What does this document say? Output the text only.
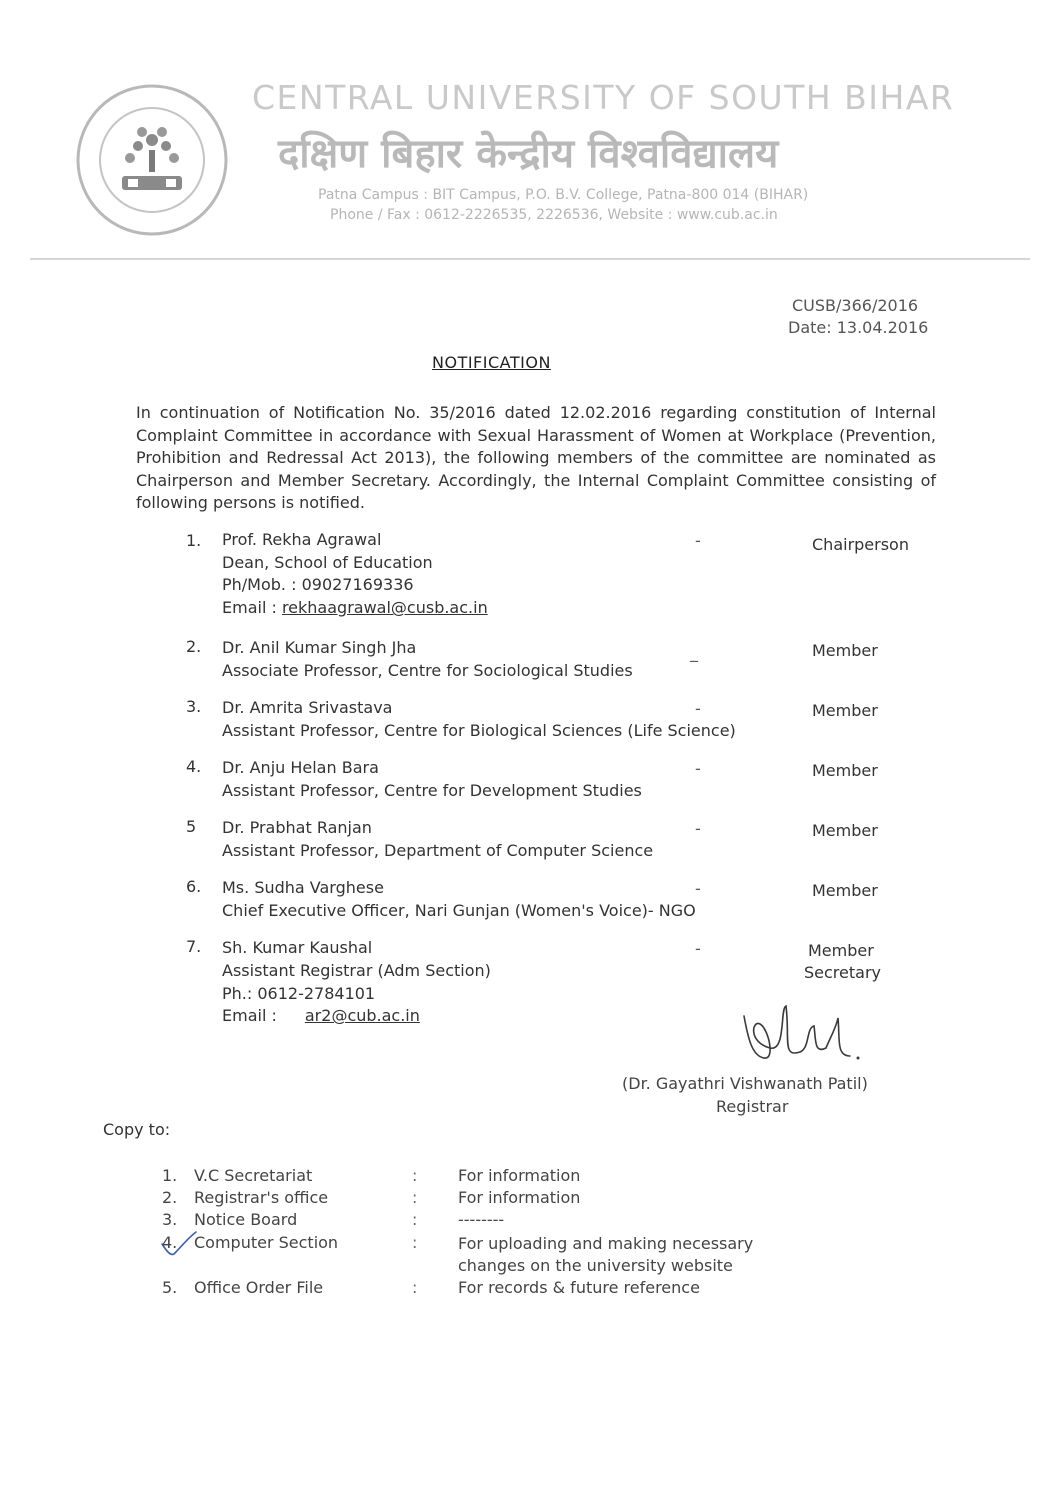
CENTRAL UNIVERSITY OF SOUTH BIHAR
दक्षिण बिहार केन्द्रीय विश्वविद्यालय
Patna Campus : BIT Campus, P.O. B.V. College, Patna-800 014 (BIHAR)
Phone / Fax : 0612-2226535, 2226536, Website : www.cub.ac.in
CUSB/366/2016
Date: 13.04.2016
NOTIFICATION
In continuation of Notification No. 35/2016 dated 12.02.2016 regarding constitution of Internal Complaint Committee in accordance with Sexual Harassment of Women at Workplace (Prevention, Prohibition and Redressal Act 2013), the following members of the committee are nominated as Chairperson and Member Secretary. Accordingly, the Internal Complaint Committee consisting of following persons is notified.
1. Prof. Rekha Agrawal
Dean, School of Education
Ph/Mob. : 09027169336
Email : rekhaagrawal@cusb.ac.in
-	Chairperson
2. Dr. Anil Kumar Singh Jha
Associate Professor, Centre for Sociological Studies
_	Member
3. Dr. Amrita Srivastava
Assistant Professor, Centre for Biological Sciences (Life Science)
-	Member
4. Dr. Anju Helan Bara
Assistant Professor, Centre for Development Studies
-	Member
5 Dr. Prabhat Ranjan
Assistant Professor, Department of Computer Science
-	Member
6. Ms. Sudha Varghese
Chief Executive Officer, Nari Gunjan (Women's Voice)- NGO
-	Member
7. Sh. Kumar Kaushal
Assistant Registrar (Adm Section)
Ph.: 0612-2784101
Email : ar2@cub.ac.in
-	Member
Secretary
(Dr. Gayathri Vishwanath Patil)
Registrar
Copy to:
1. V.C Secretariat	:	For information
2. Registrar's office	:	For information
3. Notice Board	:	--------
4. Computer Section	:	For uploading and making necessary
changes on the university website
5. Office Order File	:	For records & future reference
